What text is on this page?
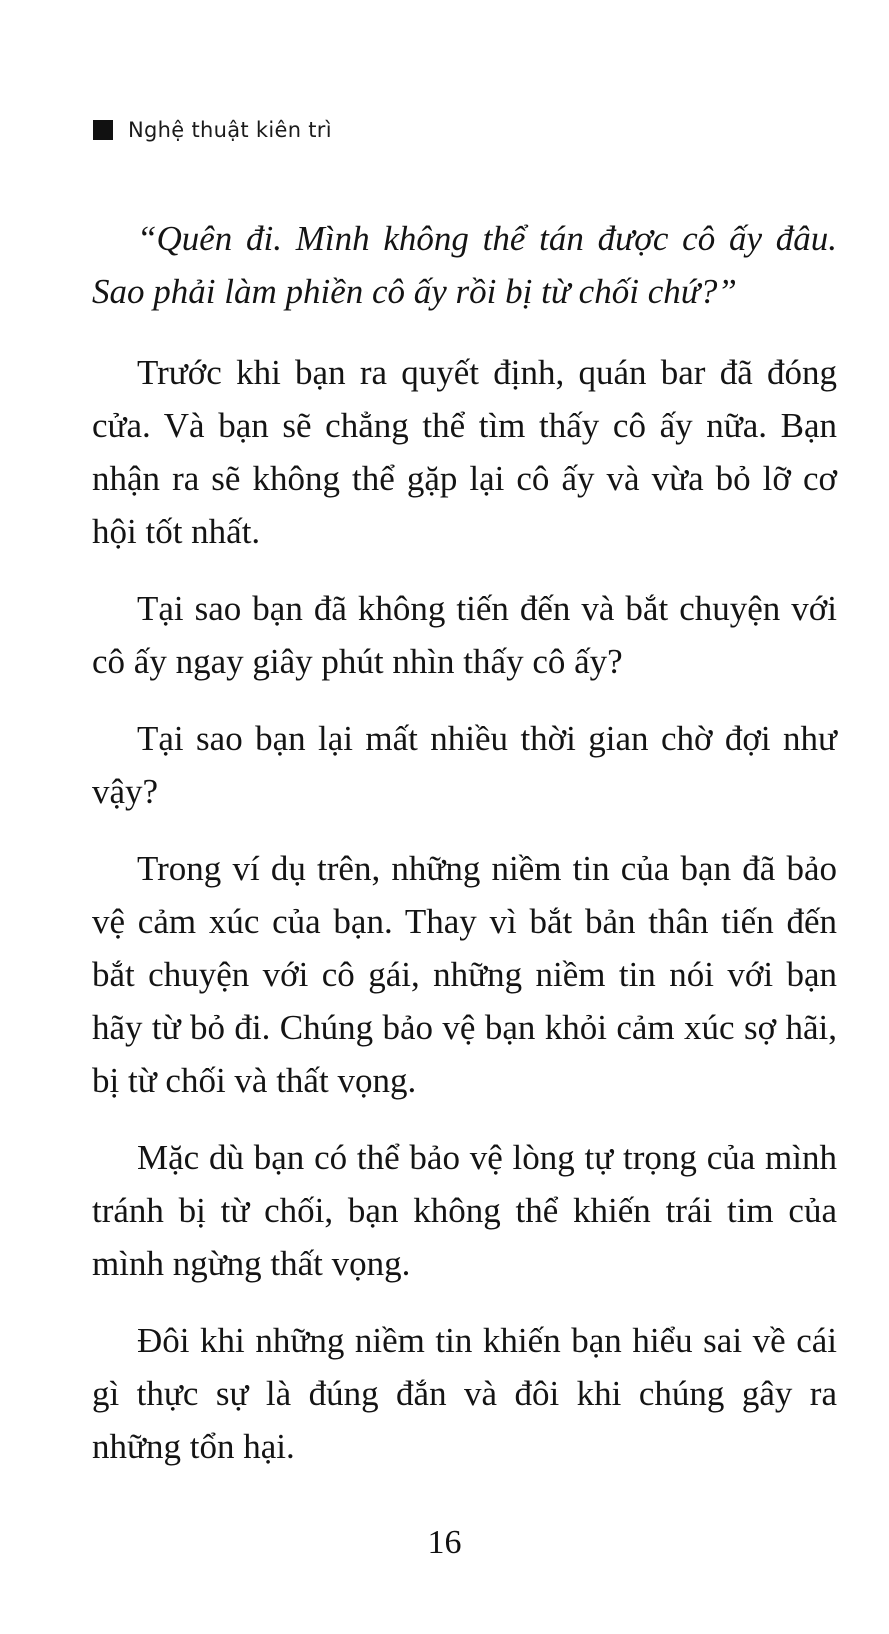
Nghệ thuật kiên trì

“Quên đi. Mình không thể tán được cô ấy đâu. Sao phải làm phiền cô ấy rồi bị từ chối chứ?”

Trước khi bạn ra quyết định, quán bar đã đóng cửa. Và bạn sẽ chẳng thể tìm thấy cô ấy nữa. Bạn nhận ra sẽ không thể gặp lại cô ấy và vừa bỏ lỡ cơ hội tốt nhất.

Tại sao bạn đã không tiến đến và bắt chuyện với cô ấy ngay giây phút nhìn thấy cô ấy?

Tại sao bạn lại mất nhiều thời gian chờ đợi như vậy?

Trong ví dụ trên, những niềm tin của bạn đã bảo vệ cảm xúc của bạn. Thay vì bắt bản thân tiến đến bắt chuyện với cô gái, những niềm tin nói với bạn hãy từ bỏ đi. Chúng bảo vệ bạn khỏi cảm xúc sợ hãi, bị từ chối và thất vọng.

Mặc dù bạn có thể bảo vệ lòng tự trọng của mình tránh bị từ chối, bạn không thể khiến trái tim của mình ngừng thất vọng.

Đôi khi những niềm tin khiến bạn hiểu sai về cái gì thực sự là đúng đắn và đôi khi chúng gây ra những tổn hại.

16
